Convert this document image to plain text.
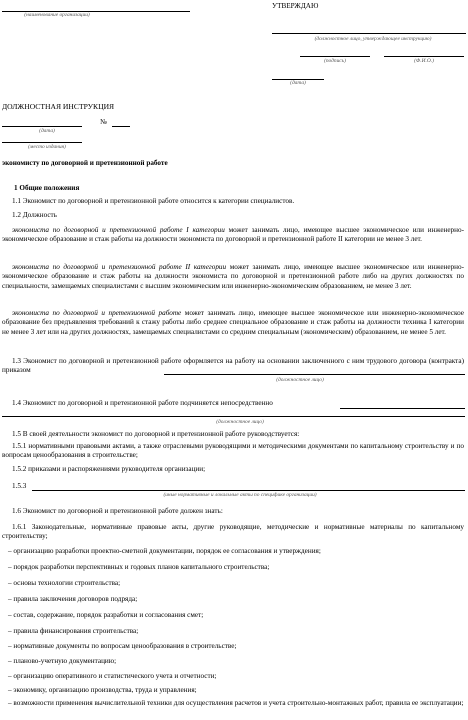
(наименование организации)
УТВЕРЖДАЮ
(должностное лицо, утверждающее инструкцию)
(подпись)	(Ф.И.О.)
(дата)
ДОЛЖНОСТНАЯ ИНСТРУКЦИЯ
№
(дата)
(место издания)
экономисту по договорной и претензионной работе
1 Общие положения
1.1 Экономист по договорной и претензионной работе относится к категории специалистов.
1.2 Должность
экономиста по договорной и претензионной работе I категории может занимать лицо, имеющее высшее экономическое или инженерно-экономическое образование и стаж работы на должности экономиста по договорной и претензионной работе II категории не менее 3 лет.
экономиста по договорной и претензионной работе II категории может занимать лицо, имеющее высшее экономическое или инженерно-экономическое образование и стаж работы на должности экономиста по договорной и претензионной работе либо на других должностях по специальности, замещаемых специалистами с высшим экономическим или инженерно-экономическим образованием, не менее 3 лет.
экономиста по договорной и претензионной работе может занимать лицо, имеющее высшее экономическое или инженерно-экономическое образование без предъявления требований к стажу работы либо среднее специальное образование и стаж работы на должности техника I категории не менее 3 лет или на других должностях, замещаемых специалистами со средним специальным (экономическим) образованием, не менее 5 лет.
1.3 Экономист по договорной и претензионной работе оформляется на работу на основании заключенного с ним трудового договора (контракта) приказом
(должностное лицо)
1.4 Экономист по договорной и претензионной работе подчиняется непосредственно
(должностное лицо)
1.5 В своей деятельности экономист по договорной и претензионной работе руководствуется:
1.5.1 нормативными правовыми актами, а также отраслевыми руководящими и методическими документами по капитальному строительству и по вопросам ценообразования в строительстве;
1.5.2 приказами и распоряжениями руководителя организации;
1.5.3
(иные нормативные и локальные акты по специфике организации)
1.6 Экономист по договорной и претензионной работе должен знать:
1.6.1 Законодательные, нормативные правовые акты, другие руководящие, методические и нормативные материалы по капитальному строительству;
– организацию разработки проектно-сметной документации, порядок ее согласования и утверждения;
– порядок разработки перспективных и годовых планов капитального строительства;
– основы технологии строительства;
– правила заключения договоров подряда;
– состав, содержание, порядок разработки и согласования смет;
– правила финансирования строительства;
– нормативные документы по вопросам ценообразования в строительстве;
– планово-учетную документацию;
– организацию оперативного и статистического учета и отчетности;
– экономику, организацию производства, труда и управления;
– возможности применения вычислительной техники для осуществления расчетов и учета строительно-монтажных работ, правила ее эксплуатации;
